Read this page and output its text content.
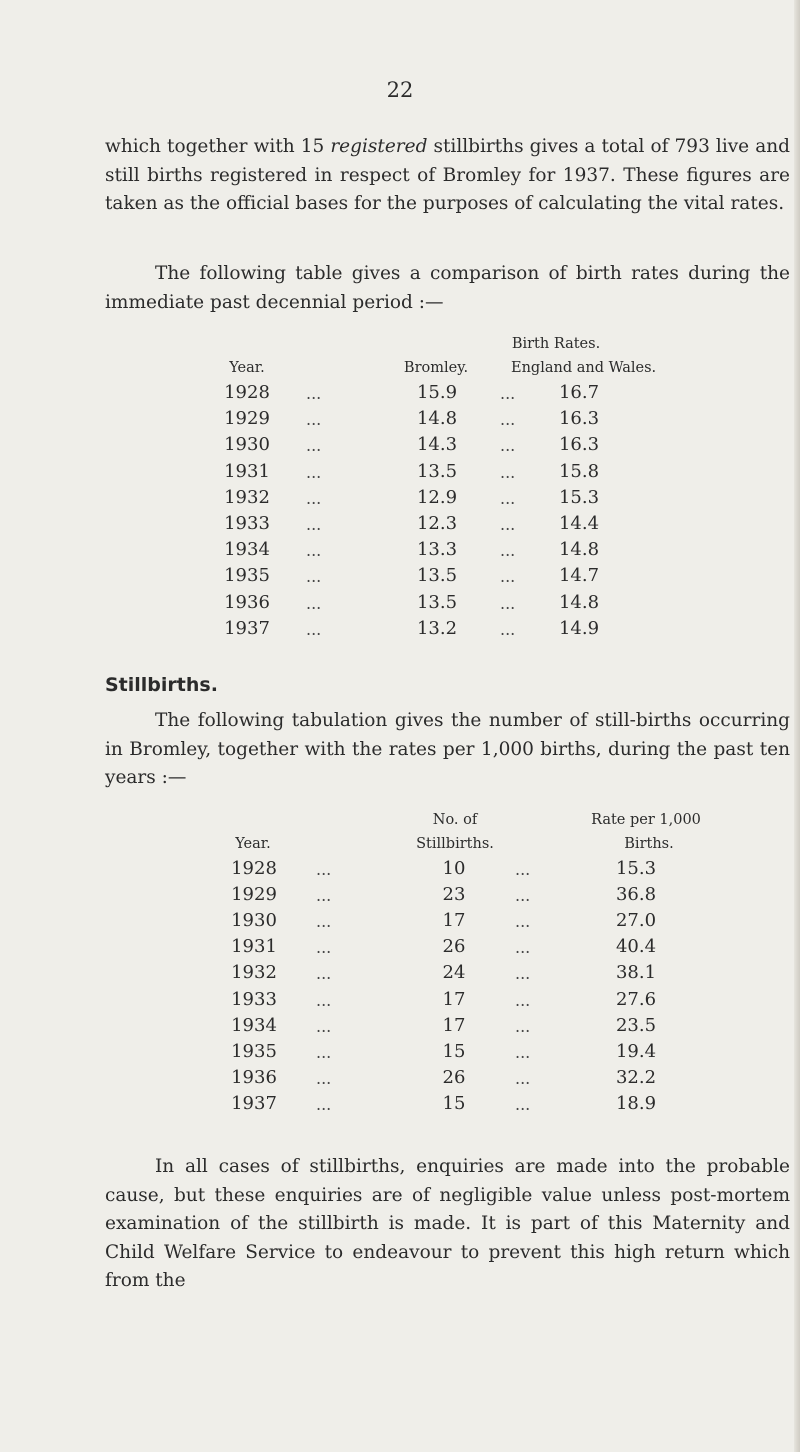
22
which together with 15 registered stillbirths gives a total of 793 live and still births registered in respect of Bromley for 1937. These figures are taken as the official bases for the purposes of calculating the vital rates.
The following table gives a comparison of birth rates during the immediate past decennial period :—
Birth Rates.
Year.	Bromley.	England and Wales.
1928 ...	15.9	... 16.7
1929 ...	14.8	... 16.3
1930 ...	14.3	... 16.3
1931 ...	13.5	... 15.8
1932 ...	12.9	... 15.3
1933 ...	12.3	... 14.4
1934 ...	13.3	... 14.8
1935 ...	13.5	... 14.7
1936 ...	13.5	... 14.8
1937 ...	13.2	... 14.9
Stillbirths.
The following tabulation gives the number of still-births occurring in Bromley, together with the rates per 1,000 births, during the past ten years :—
Year.
No. of
Stillbirths.
Rate per 1,000
Births.
1928 ...	10	...	15.3
1929 ...	23	...	36.8
1930 ...	17	...	27.0
1931 ...	26	...	40.4
1932 ...	24	...	38.1
1933 ...	17	...	27.6
1934 ...	17	...	23.5
1935 ...	15	...	19.4
1936 ...	26	...	32.2
1937 ...	15	...	18.9
In all cases of stillbirths, enquiries are made into the probable cause, but these enquiries are of negligible value unless post-mortem examination of the stillbirth is made. It is part of this Maternity and Child Welfare Service to endeavour to prevent this high return which from the
